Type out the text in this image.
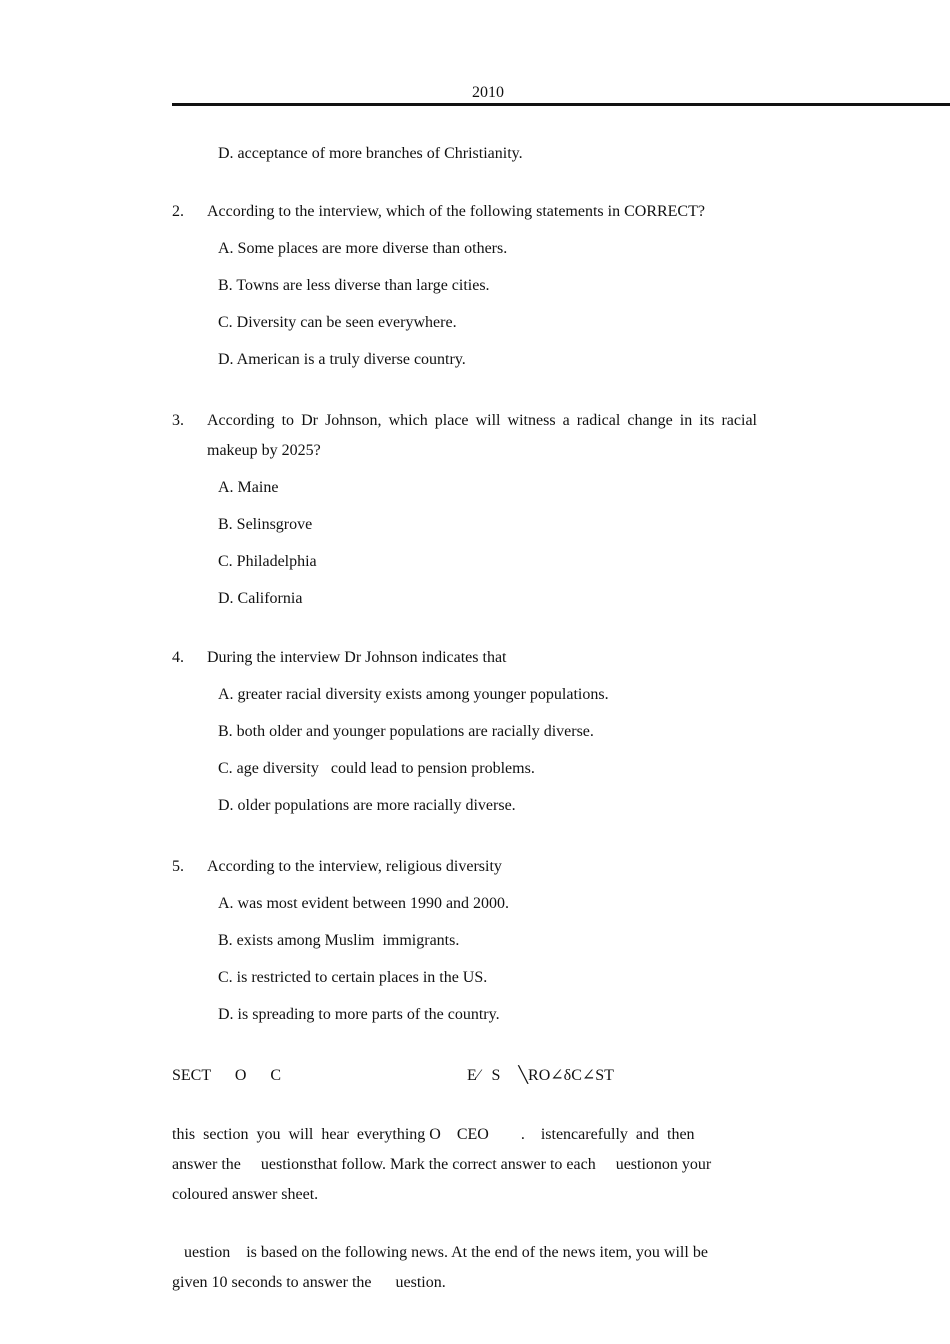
2010
D. acceptance of more branches of Christianity.
2. According to the interview, which of the following statements in CORRECT?
A. Some places are more diverse than others.
B. Towns are less diverse than large cities.
C. Diversity can be seen everywhere.
D. American is a truly diverse country.
3. According to Dr Johnson, which place will witness a radical change in its racial
makeup by 2025?
A. Maine
B. Selinsgrove
C. Philadelphia
D. California
4. During the interview Dr Johnson indicates that
A. greater racial diversity exists among younger populations.
B. both older and younger populations are racially diverse.
C. age diversity   could lead to pension problems.
D. older populations are more racially diverse.
5. According to the interview, religious diversity
A. was most evident between 1990 and 2000.
B. exists among Muslim  immigrants.
C. is restricted to certain places in the US.
D. is spreading to more parts of the country.
SECT    O    C                               E∕  S   ╲RO∠δC∠ST
‎this  section  you  will  hear  everything O    CEO        .    istencarefully  and  then
answer the     uestionsthat follow. Mark the correct answer to each     uestionon your
coloured answer sheet.
uestion    is based on the following news. At the end of the news item, you will be
given 10 seconds to answer the      uestion.
